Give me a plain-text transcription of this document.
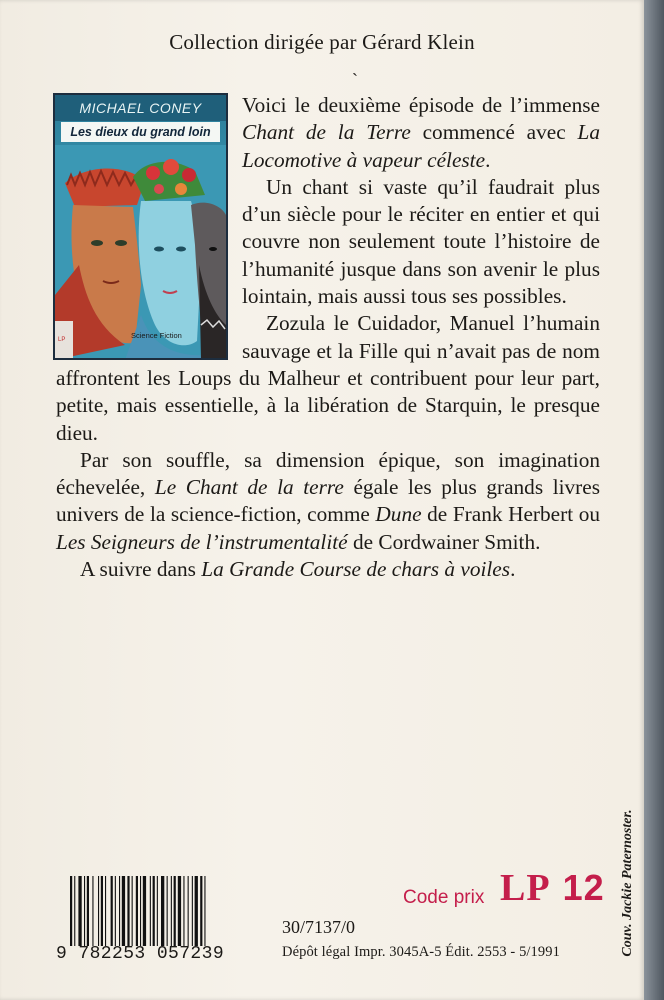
Collection dirigée par Gérard Klein
`
MICHAEL CONEY
Les dieux du grand loin
LP	Science Fiction

Voici le deuxième épisode de l’immense Chant de la Terre commencé avec La Locomotive à vapeur céleste.

Un chant si vaste qu’il faudrait plus d’un siècle pour le réciter en entier et qui couvre non seulement toute l’histoire de l’humanité jusque dans son avenir le plus lointain, mais aussi tous ses possibles.

Zozula le Cuidador, Manuel l’humain sauvage et la Fille qui n’avait pas de nom affrontent les Loups du Malheur et contribuent pour leur part, petite, mais essentielle, à la libération de Starquin, le presque dieu.

Par son souffle, sa dimension épique, son imagination échevelée, Le Chant de la terre égale les plus grands livres univers de la science-fiction, comme Dune de Frank Herbert ou Les Seigneurs de l’instrumentalité de Cordwainer Smith.

A suivre dans La Grande Course de chars à voiles.

9 782253 057239
Code prix LP 12
30/7137/0
Dépôt légal Impr. 3045A-5 Édit. 2553 - 5/1991	Couv. Jackie Paternoster.
